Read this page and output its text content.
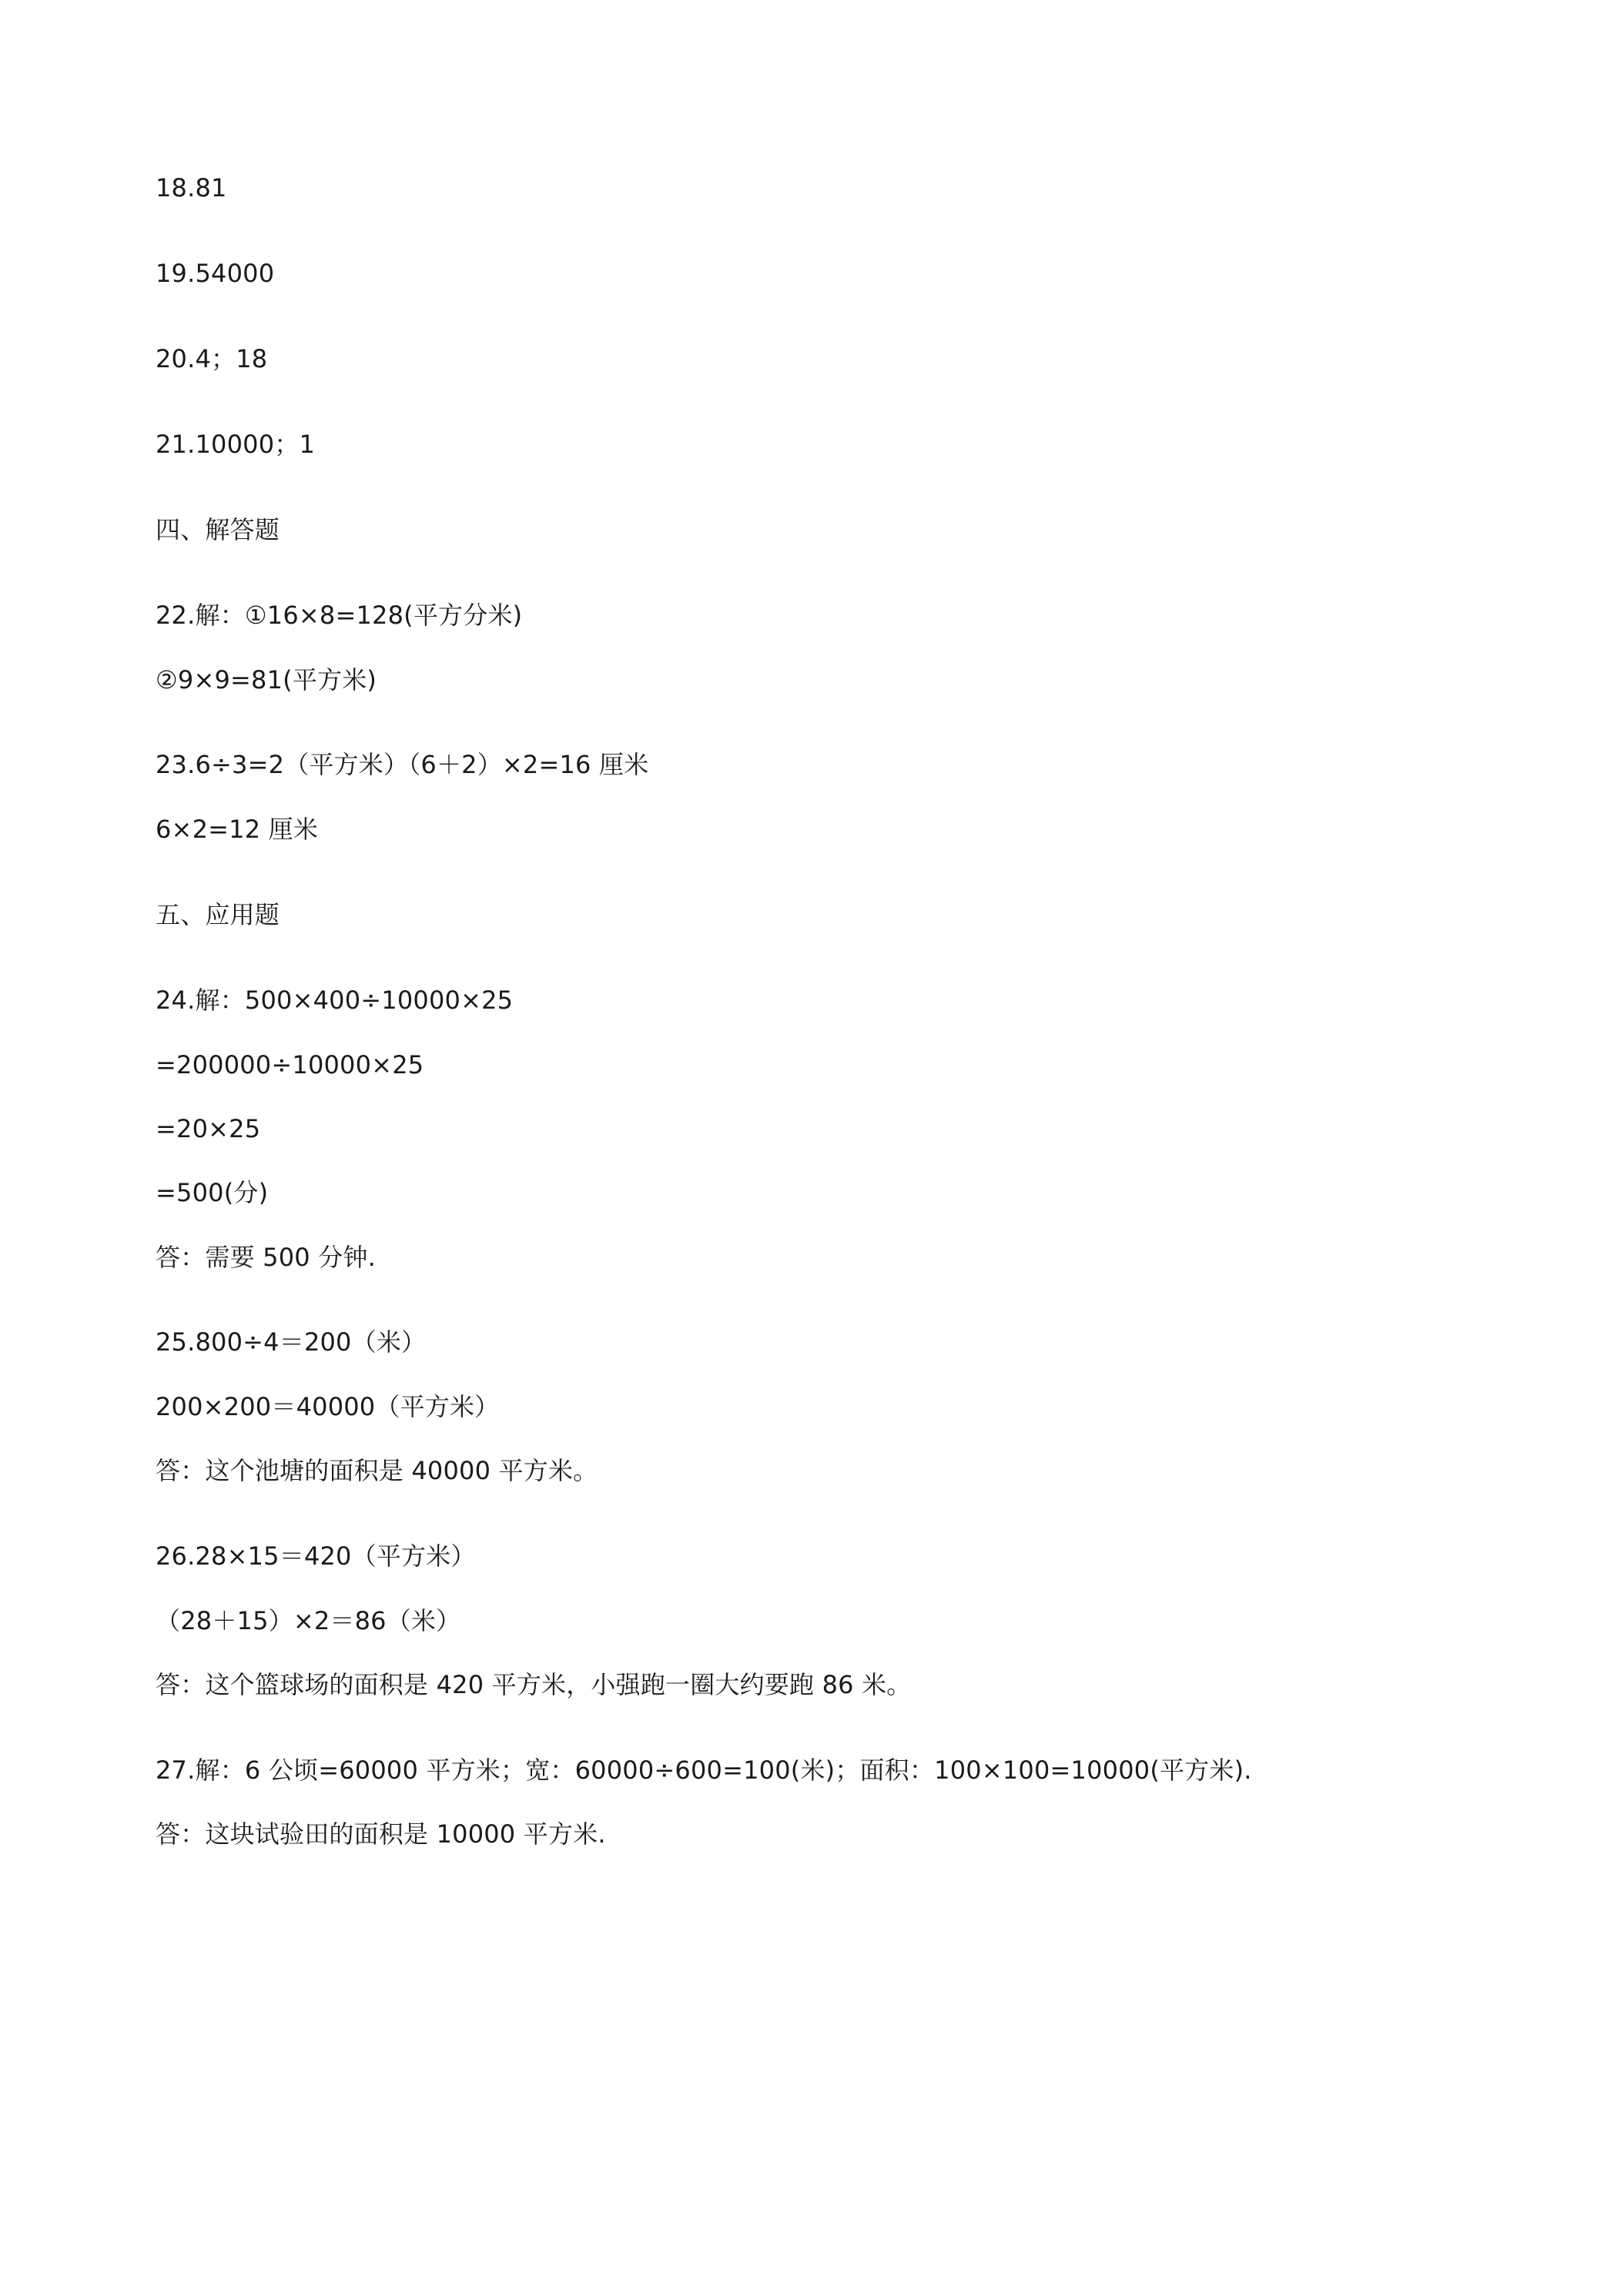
18.81
19.54000
20.4；18
21.10000；1
四、解答题
22.解：①16×8=128(平方分米)
②9×9=81(平方米)
23.6÷3=2（平方米）（6＋2）×2=16 厘米
6×2=12 厘米
五、应用题
24.解：500×400÷10000×25
=200000÷10000×25
=20×25
=500(分)
答：需要 500 分钟.
25.800÷4＝200（米）
200×200＝40000（平方米）
答：这个池塘的面积是 40000 平方米。
26.28×15＝420（平方米）
（28＋15）×2＝86（米）
答：这个篮球场的面积是 420 平方米，小强跑一圈大约要跑 86 米。
27.解：6 公顷=60000 平方米；宽：60000÷600=100(米)；面积：100×100=10000(平方米).
答：这块试验田的面积是 10000 平方米.
